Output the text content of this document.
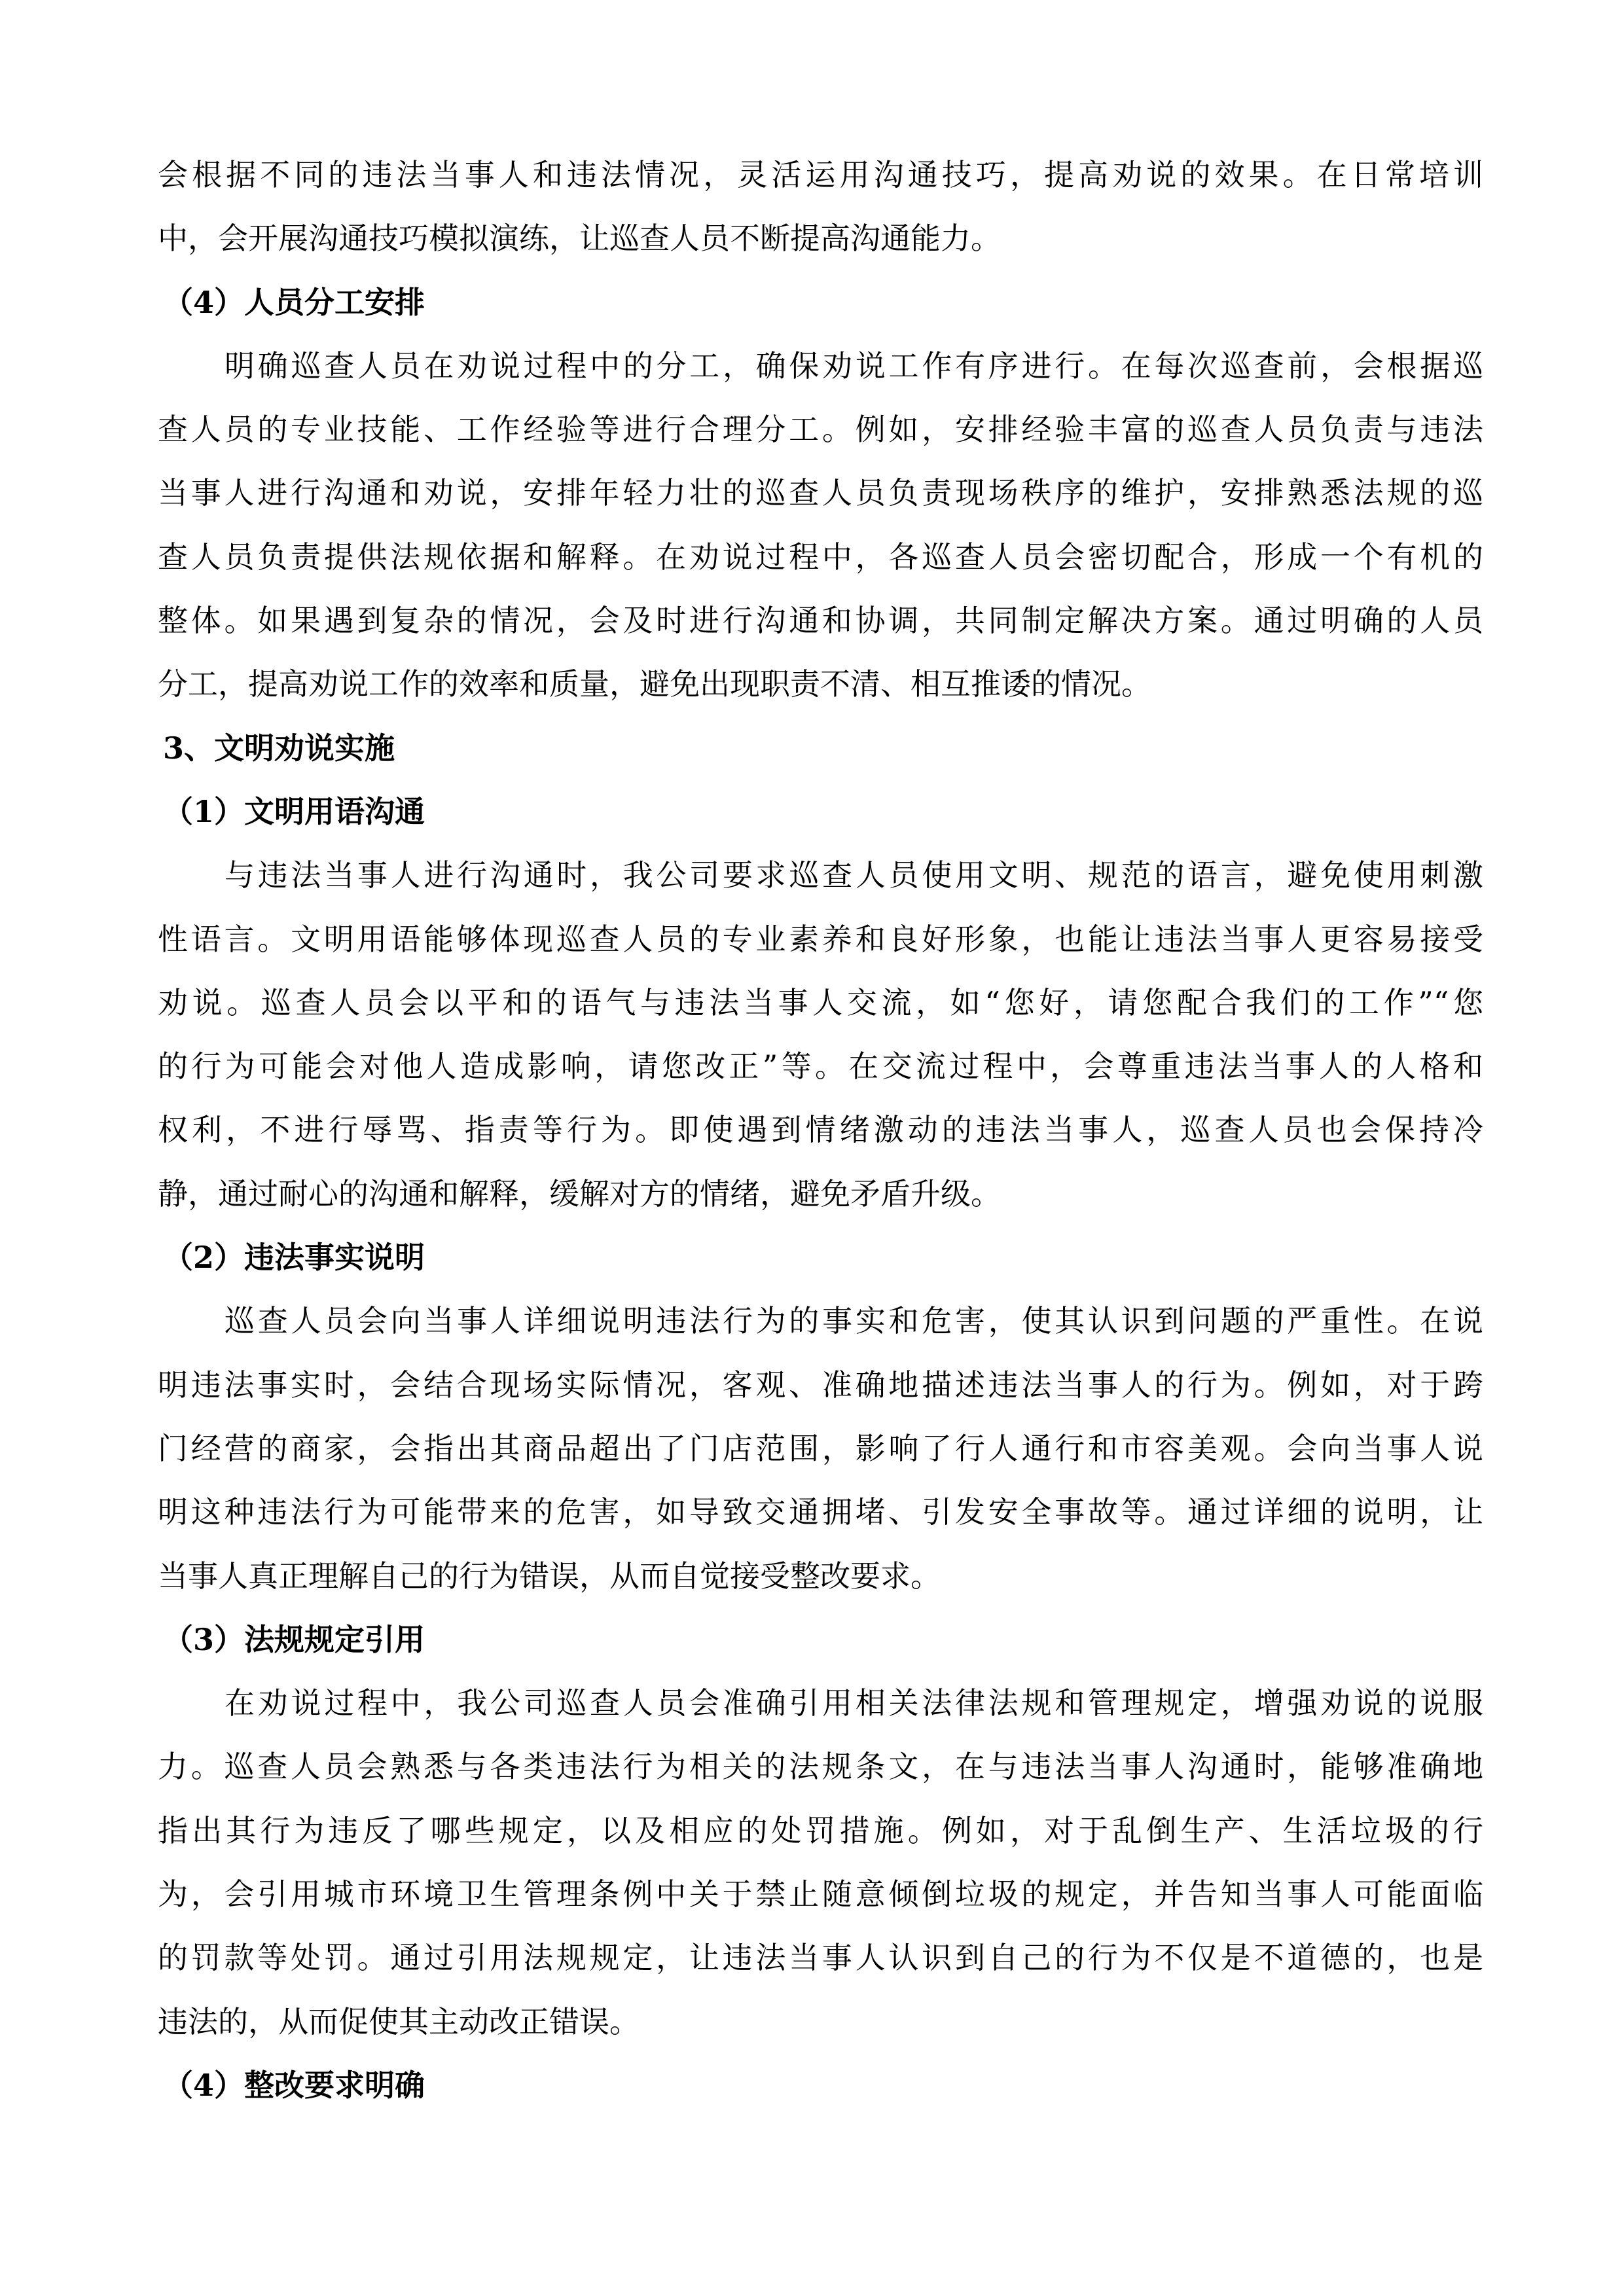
会根据不同的违法当事人和违法情况，灵活运用沟通技巧，提高劝说的效果。在日常培训
中，会开展沟通技巧模拟演练，让巡查人员不断提高沟通能力。
（4）人员分工安排
明确巡查人员在劝说过程中的分工，确保劝说工作有序进行。在每次巡查前，会根据巡
查人员的专业技能、工作经验等进行合理分工。例如，安排经验丰富的巡查人员负责与违法
当事人进行沟通和劝说，安排年轻力壮的巡查人员负责现场秩序的维护，安排熟悉法规的巡
查人员负责提供法规依据和解释。在劝说过程中，各巡查人员会密切配合，形成一个有机的
整体。如果遇到复杂的情况，会及时进行沟通和协调，共同制定解决方案。通过明确的人员
分工，提高劝说工作的效率和质量，避免出现职责不清、相互推诿的情况。
3、文明劝说实施
（1）文明用语沟通
与违法当事人进行沟通时，我公司要求巡查人员使用文明、规范的语言，避免使用刺激
性语言。文明用语能够体现巡查人员的专业素养和良好形象，也能让违法当事人更容易接受
劝说。巡查人员会以平和的语气与违法当事人交流，如“您好，请您配合我们的工作”“您
的行为可能会对他人造成影响，请您改正”等。在交流过程中，会尊重违法当事人的人格和
权利，不进行辱骂、指责等行为。即使遇到情绪激动的违法当事人，巡查人员也会保持冷
静，通过耐心的沟通和解释，缓解对方的情绪，避免矛盾升级。
（2）违法事实说明
巡查人员会向当事人详细说明违法行为的事实和危害，使其认识到问题的严重性。在说
明违法事实时，会结合现场实际情况，客观、准确地描述违法当事人的行为。例如，对于跨
门经营的商家，会指出其商品超出了门店范围，影响了行人通行和市容美观。会向当事人说
明这种违法行为可能带来的危害，如导致交通拥堵、引发安全事故等。通过详细的说明，让
当事人真正理解自己的行为错误，从而自觉接受整改要求。
（3）法规规定引用
在劝说过程中，我公司巡查人员会准确引用相关法律法规和管理规定，增强劝说的说服
力。巡查人员会熟悉与各类违法行为相关的法规条文，在与违法当事人沟通时，能够准确地
指出其行为违反了哪些规定，以及相应的处罚措施。例如，对于乱倒生产、生活垃圾的行
为，会引用城市环境卫生管理条例中关于禁止随意倾倒垃圾的规定，并告知当事人可能面临
的罚款等处罚。通过引用法规规定，让违法当事人认识到自己的行为不仅是不道德的，也是
违法的，从而促使其主动改正错误。
（4）整改要求明确
